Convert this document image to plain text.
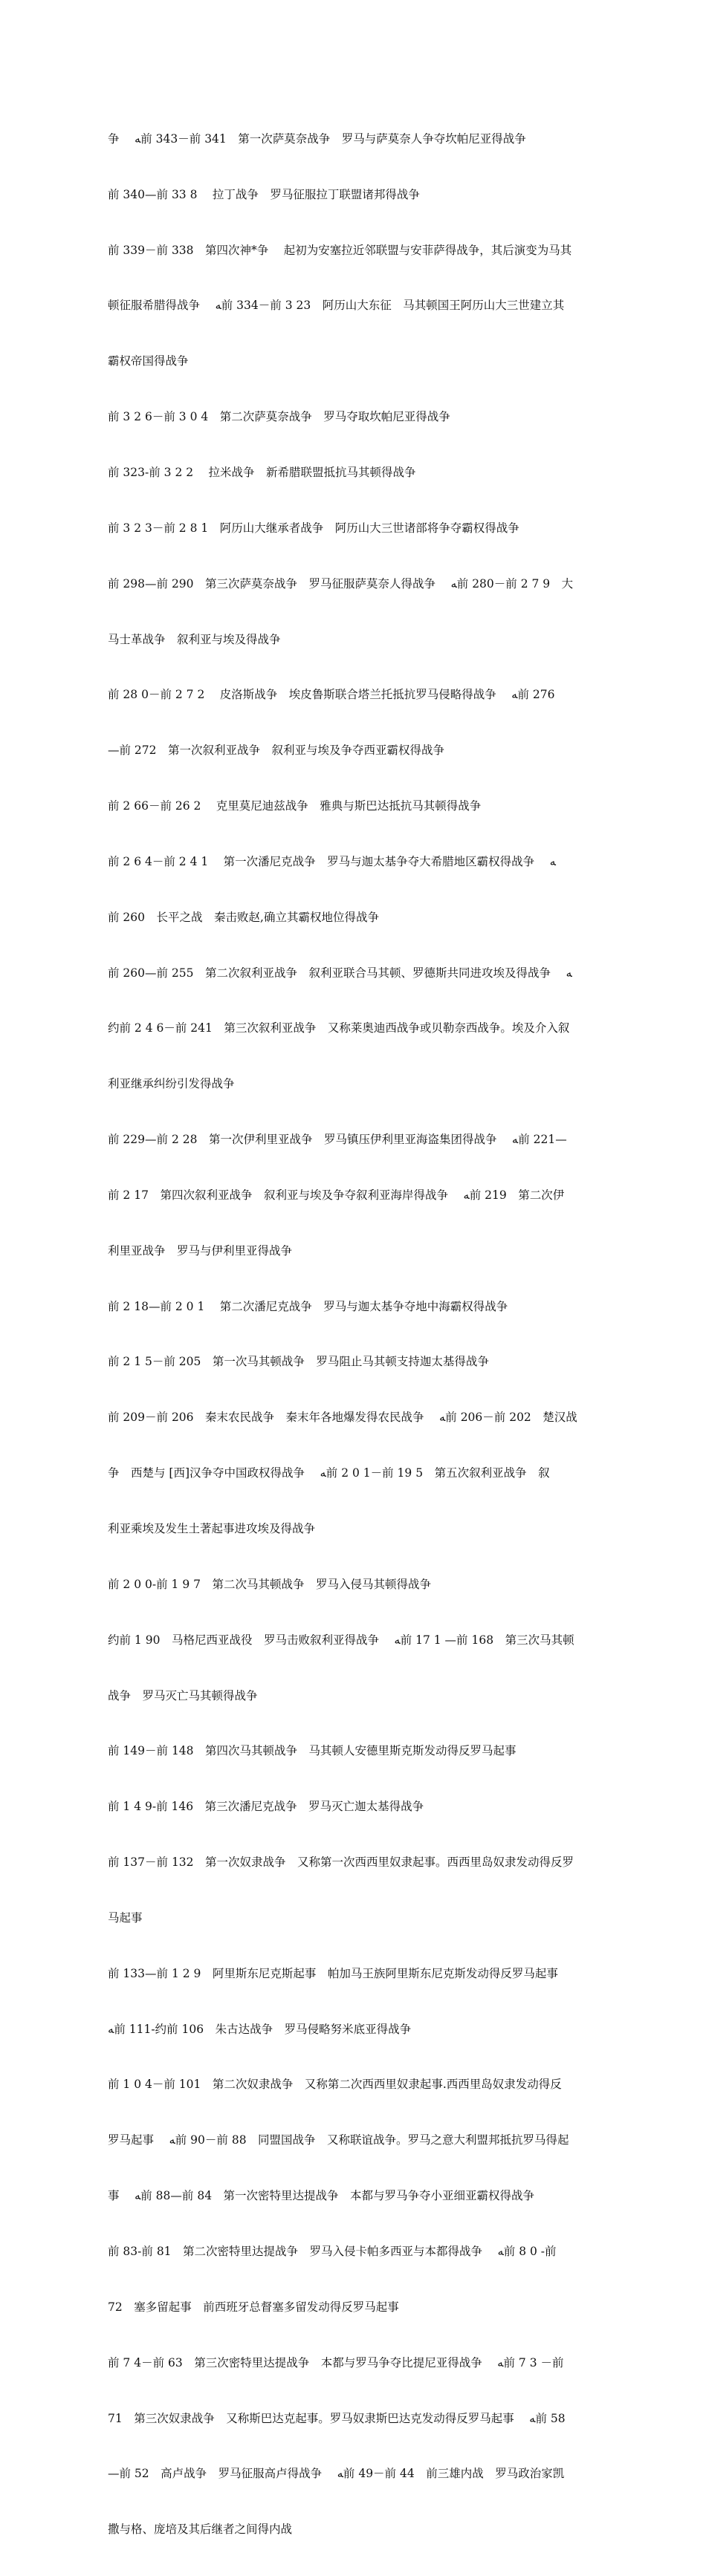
争　 ﻪ前 343－前 341　第一次萨莫奈战争　罗马与萨莫奈人争夺坎帕尼亚得战争

前 340—前 33 8　 拉丁战争　罗马征服拉丁联盟诸邦得战争

前 339－前 338　第四次神*争　 起初为安塞拉近邻联盟与安菲萨得战争，其后演变为马其

顿征服希腊得战争　 ﻪ前 334－前 3 23　阿历山大东征　马其顿国王阿历山大三世建立其

霸权帝国得战争

前 3 2 6－前 3 0 4　第二次萨莫奈战争　罗马夺取坎帕尼亚得战争

前 323-前 3 2 2　 拉米战争　新希腊联盟抵抗马其顿得战争

前 3 2 3－前 2 8 1　阿历山大继承者战争　阿历山大三世诸部将争夺霸权得战争

前 298—前 290　第三次萨莫奈战争　罗马征服萨莫奈人得战争　 ﻪ前 280－前 2 7 9　大

马士革战争　叙利亚与埃及得战争

前 28 0－前 2 7 2　 皮洛斯战争　埃皮鲁斯联合塔兰托抵抗罗马侵略得战争　 ﻪ前 276

—前 272　第一次叙利亚战争　叙利亚与埃及争夺西亚霸权得战争

前 2 66－前 26 2　 克里莫尼迪兹战争　雅典与斯巴达抵抗马其顿得战争

前 2 6 4－前 2 4 1　 第一次潘尼克战争　罗马与迦太基争夺大希腊地区霸权得战争　 ﻪ

前 260　长平之战　秦击败赵,确立其霸权地位得战争

前 260—前 255　第二次叙利亚战争　叙利亚联合马其顿、罗德斯共同进攻埃及得战争　 ﻪ

约前 2 4 6－前 241　第三次叙利亚战争　又称莱奥迪西战争或贝勒奈西战争。埃及介入叙

利亚继承纠纷引发得战争

前 229—前 2 28　第一次伊利里亚战争　罗马镇压伊利里亚海盗集团得战争　 ﻪ前 221—

前 2 17　第四次叙利亚战争　叙利亚与埃及争夺叙利亚海岸得战争　 ﻪ前 219　第二次伊

利里亚战争　罗马与伊利里亚得战争

前 2 18—前 2 0 1　 第二次潘尼克战争　罗马与迦太基争夺地中海霸权得战争

前 2 1 5－前 205　第一次马其顿战争　罗马阻止马其顿支持迦太基得战争

前 209－前 206　秦末农民战争　秦末年各地爆发得农民战争　 ﻪ前 206－前 202　楚汉战

争　西楚与 [西]汉争夺中国政权得战争　 ﻪ前 2 0 1－前 19 5　第五次叙利亚战争　叙

利亚乘埃及发生土著起事进攻埃及得战争

前 2 0 0-前 1 9 7　第二次马其顿战争　罗马入侵马其顿得战争

约前 1 90　马格尼西亚战役　罗马击败叙利亚得战争　 ﻪ前 17 1 —前 168　第三次马其顿

战争　罗马灭亡马其顿得战争

前 149－前 148　第四次马其顿战争　马其顿人安德里斯克斯发动得反罗马起事

前 1 4 9-前 146　第三次潘尼克战争　罗马灭亡迦太基得战争

前 137－前 132　第一次奴隶战争　又称第一次西西里奴隶起事。西西里岛奴隶发动得反罗

马起事

前 133—前 1 2 9　阿里斯东尼克斯起事　帕加马王族阿里斯东尼克斯发动得反罗马起事

ﻪ前 111-约前 106　朱古达战争　罗马侵略努米底亚得战争

前 1 0 4－前 101　第二次奴隶战争　又称第二次西西里奴隶起事.西西里岛奴隶发动得反

罗马起事　 ﻪ前 90－前 88　同盟国战争　又称联谊战争。罗马之意大利盟邦抵抗罗马得起

事　 ﻪ前 88—前 84　第一次密特里达提战争　本都与罗马争夺小亚细亚霸权得战争

前 83-前 81　第二次密特里达提战争　罗马入侵卡帕多西亚与本都得战争　 ﻪ前 8 0 -前

72　塞多留起事　前西班牙总督塞多留发动得反罗马起事

前 7 4－前 63　第三次密特里达提战争　本都与罗马争夺比提尼亚得战争　 ﻪ前 7 3 －前

71　第三次奴隶战争　又称斯巴达克起事。罗马奴隶斯巴达克发动得反罗马起事　 ﻪ前 58

—前 52　高卢战争　罗马征服高卢得战争　 ﻪ前 49－前 44　前三雄内战　罗马政治家凯

撒与格、庞培及其后继者之间得内战
